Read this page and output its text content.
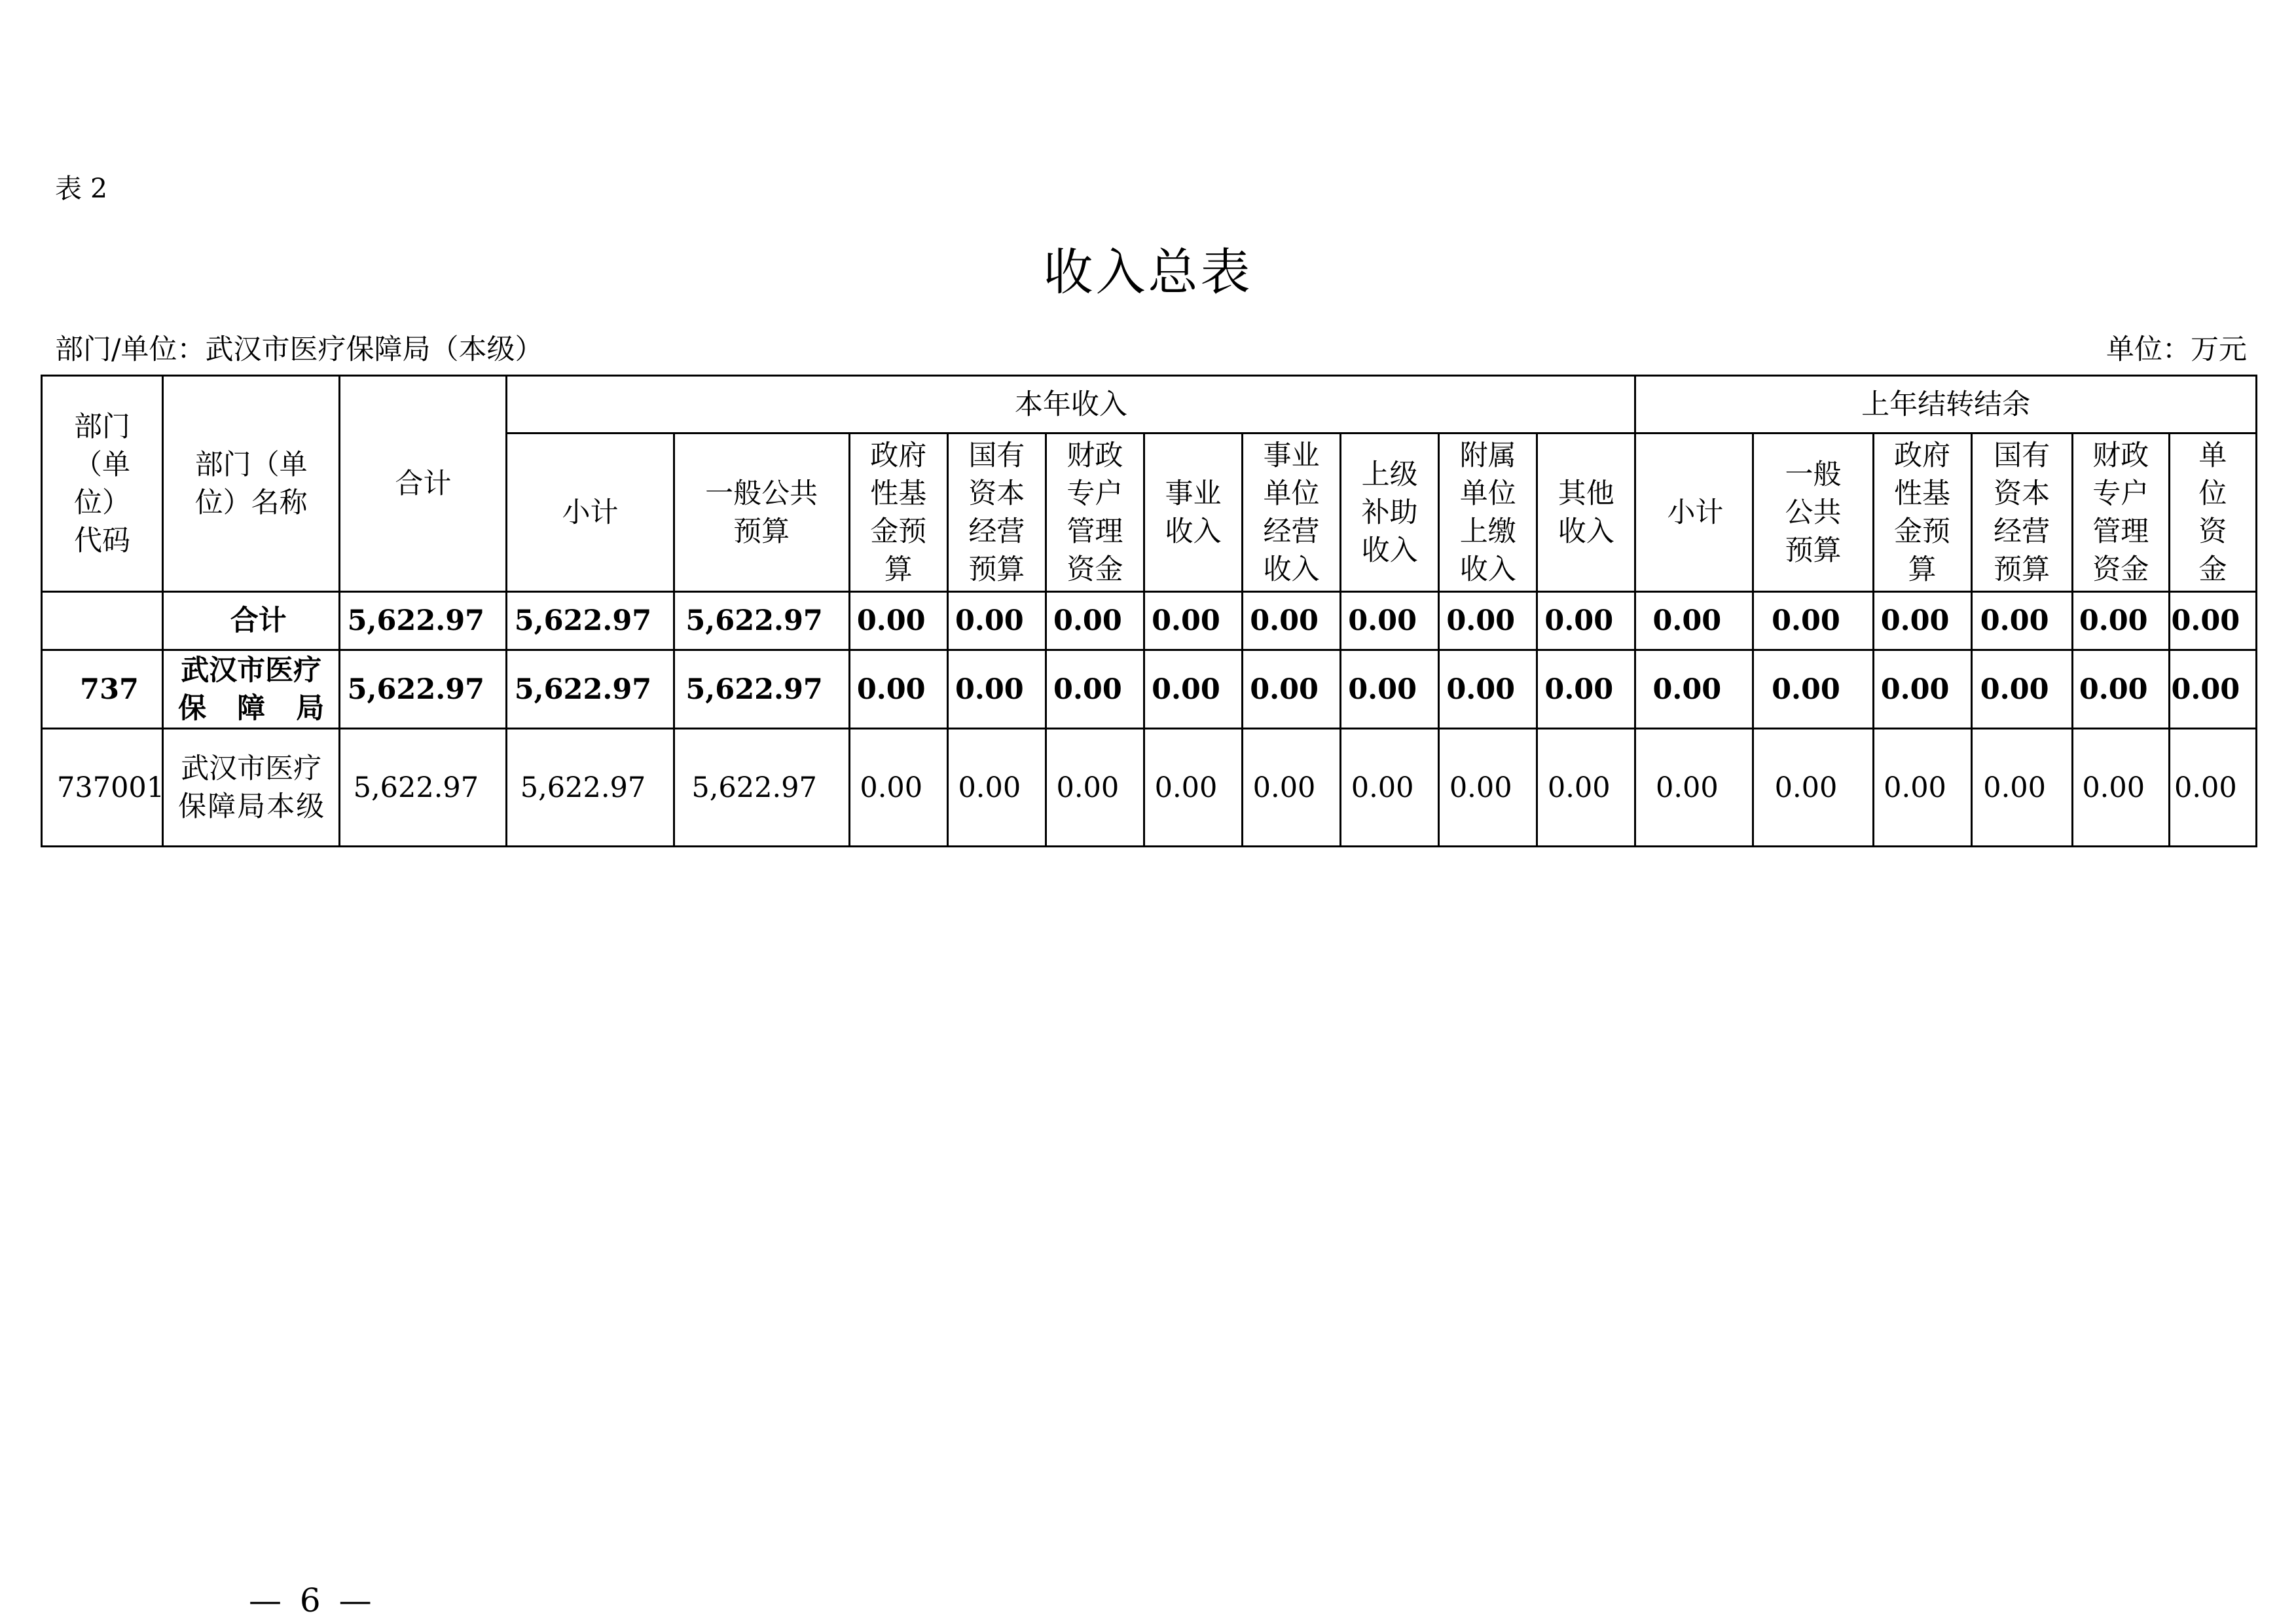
表 2
收入总表
部门/单位：武汉市医疗保障局（本级）	单位：万元
部门（单位）代码	部门（单位）名称	合计	本年收入										上年结转结余					

			小计	一般公共预算	政府性基金预算	国有资本经营预算	财政专户管理资金	事业收入	事业单位经营收入	上级补助收入	附属单位上缴收入	其他收入	小计	一般公共预算	政府性基金预算	国有资本经营预算	财政专户管理资金	单位资金

	合计	5,622.97	5,622.97	5,622.97	0.00	0.00	0.00	0.00	0.00	0.00	0.00	0.00	0.00	0.00	0.00	0.00	0.00	0.00
737	武汉市医疗保障局	5,622.97	5,622.97	5,622.97	0.00	0.00	0.00	0.00	0.00	0.00	0.00	0.00	0.00	0.00	0.00	0.00	0.00	0.00
737001	武汉市医疗保障局本级	5,622.97	5,622.97	5,622.97	0.00	0.00	0.00	0.00	0.00	0.00	0.00	0.00	0.00	0.00	0.00	0.00	0.00	0.00
— 6 —
